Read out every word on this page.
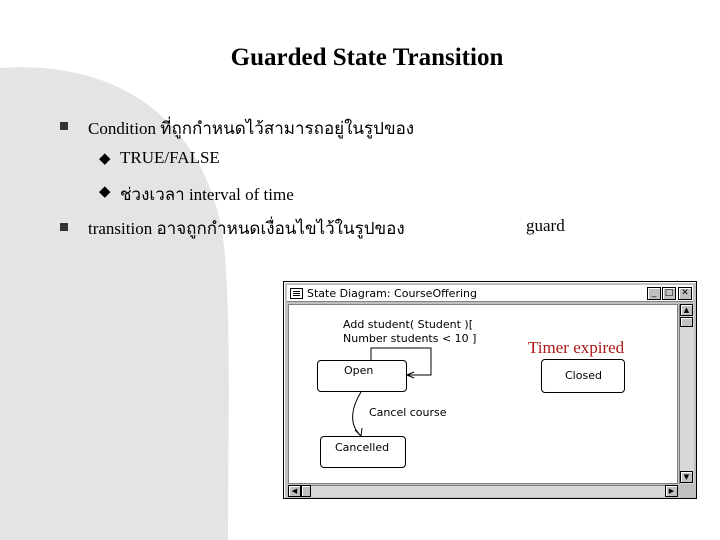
Guarded State Transition
Condition ที่ถูกกำหนดไว้สามารถอยู่ในรูปของ
◆ TRUE/FALSE
◆ ช่วงเวลา interval of time
transition อาจถูกกำหนดเงื่อนไขไว้ในรูปของ	guard
State Diagram: CourseOffering	_ □ ✕
Add student( Student )[
Number students < 10 ]
Open	Closed
Cancel course
Cancelled
▲
▼
◀	▶
Timer expired
